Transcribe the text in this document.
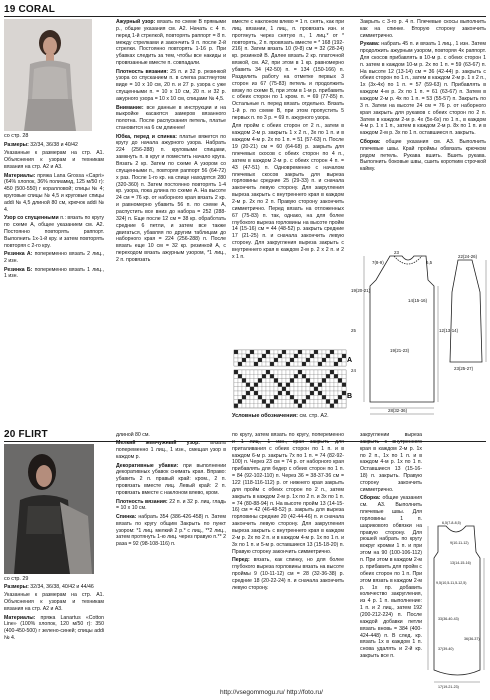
19 CORAL
со стр. 28

Размеры: 32/34, 36/38 и 40/42

Указанные к размерам на стр. А1. Объяснения к узорам и техникам вязания на стр. А2 и А3.

Материалы: пряжа Lana Grossa «Capri» (64% хлопок, 36% полиамид, 125 м/50 г): 450 (500-550) г коралловой; спицы № 4; круговые спицы № 4,5 и круговые спицы addi № 4,5 длиной 80 см, крючок addi № 4.

Узор со спущенными п.: вязать по кругу по схеме А, общее указанием см. А2. Постоянно повторять раппорт. Выполнить 1х-1-й кру. и затем повторять повторяя с 2-го кру.

Резинка А: попеременно вязать 2 лиц., 2 изн.

Резинка Б: попеременно вязать 1 лиц., 1 изн.

Ажурный узор: вязать по схеме В прямыми р., общие указания см. А2. Начать с 4 п. перед 1-й стрелкой, повторять раппорт = 8 п. между стрелками и закончить 9 п. после 2-й стрелки. Постоянно повторять 1-16 р. При убавках следить за тем, чтобы все накиды и провязанные вместе п. совпадали.

Плотность вязания: 25 п. и 32 р. резинкой узора со спусканием п. в слегка растянутом виде = 10 х 10 см, 20 п. и 27 р. узора с уже спущенными п. = 10 х 10 см, 20 п. и 32 р. ажурного узора = 10 х 10 см, спицами № 4,5.

Внимание: все данные в инструкции и на выкройке касаются замеров вязанного полотна. После распускания петель, платье становится на 6 см длиннее!

Юбка, перед и спинка: платье вяжется по кругу до начала ажурного узора. Набрать 224 (256-288) п. круговыми спицами, замкнуть п. в круг и поместить начало круга. Вязать 2 кр. Затем по схеме А узором со спущенными п., повторяя раппорт 56 (64-72) х раз. После 1-го кр. на спице находятся 280 (320-360) п. Затем постоянно повторять 1-4 кр. узора, пока длина по схеме А. На высоте 24 см = 76 кр. от наборного края вязать 2 кр. и равномерно убавить 56 п. по схеме А, распустить все вниз до набора = 252 (288-324) п. Еще после 12 см = 38 кр. обработать средние 6 петли, и затем все также двигаться, убавляя по другим таблицам до наборного края = 224 (256-288) п. После вязать еще 10 см = 32 кр. резинкой А, с переходом вязать ажурным узором, *1 лиц., 2 п. провязать

вместе с наклоном влево = 1 п. снять, как при лиц. вязании, 1 лиц., п. провязать изн. и протянуть через снятую п., 1 лиц.* от * повторять, 2 п. провязать вместе = * 168 (192-216) п. Затем вязать 10 (9-8) см = 32 (28-24) кр. резинкой В. Далее вязать 2 кр. платочной вязкой, см. А2, при этом в 1 кр. равномерно убавить 34 (42-50) п. = 134 (150-166) п. Разделить работу на отметке первых 3 сторон из 67 (75-83) петель и продолжить вязку по схеме В, при этом в 1-м р. прибавить с обеих сторон по 1 кром. п. = 69 (77-85) п. Остальные п. перед вязать отдельно. Вязать 1-й р. по схеме В, при этом пропустить 5 первых п. по 3 р. = 69 п. ажурного узора.

Для пройм с обеих сторон от 2 п., затем в каждом 2-м р. закрыть 1 х 2 п., 3х по 1 п. и в каждом 4-м р. 2х по 1 п. = 51 (57-63) п. После 19 (20-21) см = 60 (64-68) р. закрыть для плечевых скосов с обеих сторон по 4 п., затем в каждом 2-м р. с обеих сторон 4 п. = 43 (47-51) п. Одновременно с началом плечевых скосов закрыть для выреза горловины средние 25 (29-33) п. и сначала закончить левую сторону. Для закругления выреза закрыть с внутреннего края в каждом 2-м р. 2х по 2 п. Правую сторону закончить симметрично. Перед вязать на отложенных 67 (75-83) п. так, однако, на для более глубокого выреза горловины на высоте пройм 14 (15-16) см = 44 (48-52) р. закрыть средние 17 (21-25) п. и сначала закончить левую сторону. Для закругления выреза закрыть с внутреннего края в каждом 2-м р. 2 х 2 п. и 2 х 1 п.

Закрыть с 3-го р. 4 п. Плечевые скосы выполнить как на спинке. Вторую сторону закончить симметрично.

Рукава: набрать 45 п. и вязать 1 лиц., 1 изн. Затем продолжить ажурным узором, повторяя 4х раппорт. Для скосов прибавлять в 10-м р. с обеих сторон 1 п. затем в каждом 10-м р. 2х по 1 п. = 59 (63-67) п. На высоте 12 (13-14) см = 36 (42-44) р. закрыть с обеих сторон по 1 п., затем в каждом 2-м р. 1 х 2 п., 1х (3х-4х) по 1 п. = 57 (59-63) п. Прибавлять в каждом 4-м р. 2х по 1 п. = 61 (63-67) п. Затем в каждом 2-м р. 4х по 1 п. = 53 (55-57) п. Закрыть по 3 п. Затем на высоте 24 см = 76 р. от наборного края закрыть для рукавов с обеих сторон по 2 п. Затем в каждом 2-м р. 4х (5х-6х) по 1 п., в каждом 4-м р. 1 х 1 п., затем в каждом 2-м р. 8х по 1 п. и в каждом 2-м р. 3х по 1 п. оставшиеся п. закрыть.

Сборка: общие указания см. А3. Выполнить плечевые швы. Край проймы обвязать крючком рядом петель. Рукава вшить. Вшить рукава. Выполнить боковые швы, сшить коротким строчкой кайму.

A
B
Условные обозначения: см. стр. А2.
23
7(8-9)	6,5
19(20-21)
14(15-16)
25
19(21-23)
24
28(32-36)
12(13-14)
23(25-27)
22(24-26)
20 FLIRT
со стр. 29

Размеры: 32/34, 36/38, 40/42 и 44/46

Указанные к размерам на стр. А1. Объяснения к узорам и техникам вязания на стр. А2 и А3.

Материалы: пряжа Lanartus «Cotton Line» (100% хлопок, 120 м/50 г): 350 (400-450-500) г зелено-синей; спицы addi № 4.

длиной 80 см.

Мелкий жемчужный узор: вязать попеременно 1 лиц., 1 изн., смещая узор в каждом р.

Декоративные убавки: при выполнении декоративных убавок снимать края. Вправо: убавить 2 п. правый край: кром., 2 п. провязать вместе лиц. Левый край: 2 п. провязать вместе с наклоном влево, кром.

Плотность вязания: 22 п. и 32 р. лиц. гладь = 10 х 10 см.

Спинка: набрать 354 (386-426-458) п. Затем вязать по кругу общим Закрыть по пункт узором: *1 лиц. мелкий 2 р.* с лиц., **2 лиц., затем протянуть 1-ю лиц. через правую п.** 2 раза = 92 (98-108-116) п.

по кругу, затем вязать по кругу, попеременно и 1 лиц., 1 изн., края закрыть для приталивания с обеих сторон по 1 п. и в каждом 6-м р. закрыть 7х по 1 п. = 74 (82-92-100) п. Через 23 см = 74 р. от наборного края прибавлять для бедер с обеих сторон по 1 п. = 84 (92-102-110) п. Через 36 = 38-37-36 см = 122 (118-116-112) р. от нижнего края закрыть для пройм с обеих сторон по 2 п., затем закрыть в каждом 2-м р. 1х по 2 п. и 3х по 1 п. = 74 (80-88-94) п. На высоте пройм 13 (14-15-16) см = 42 (46-48-52) р. закрыть для выреза горловины средние 20 (42-44-46) п. и сначала закончить левую сторону. Для закругления выреза закрыть с внутреннего края в каждом 2-м р. 2х по 2 п. и в каждом 4-м р. 1х по 1 п. и 3х по 1 п. и 5-м р. оставшиеся 13 (15-18-20) п. Правую сторону закончить симметрично.

Перед: вязать, как спинку, но для более глубокого выреза горловины вязать на высоте проймы 9 (10-11-12) см = 28 (32-36-38) р. средние 18 (20-22-24) п. и сначала закончить левую сторону.

закруглении выреза закрыть с внутреннего края в каждом 2-м р. 1х по 2 п., 1х по 1 п. и в каждом 4-м р. 1х по 1 п. Оставшиеся 13 (15-16-18) п. закрыть. Правую сторону закончить симметрично.

Сборка: общие указания см. А3. Выполнить плечевые швы. Для горловины 1 п. шарикового обвязки на правую сторону. Для рюшей набрать по кругу вокруг кромки 1 п. и при этом на 90 (100-106-112) п. При этом в каждом 2-м р. прибавить для пройм с обеих сторон по 1 п. При этом вязать в каждом 2-м р. 1х пр. добавить количество закругления, из 4 р. 1 п. выполнение: 1 п. и 2 лиц., затем 192 (200-212-224) п. После каждой добавки петли вязать вновь = 384 (400-424-448) п. В след. кр. вязать 1х в каждом 1 п. снова удалять и 2-й кр. закрыть все п.

6,5(7-8-8,5)
9(10-11-12)
13(14-15-16)
9,5(10,5-11,5-12,5)
33(36-40-43)
37(39-40)
17(19-21-23)
36(36-37)
http://vsegommogu.ru/ http://foto.ru/
